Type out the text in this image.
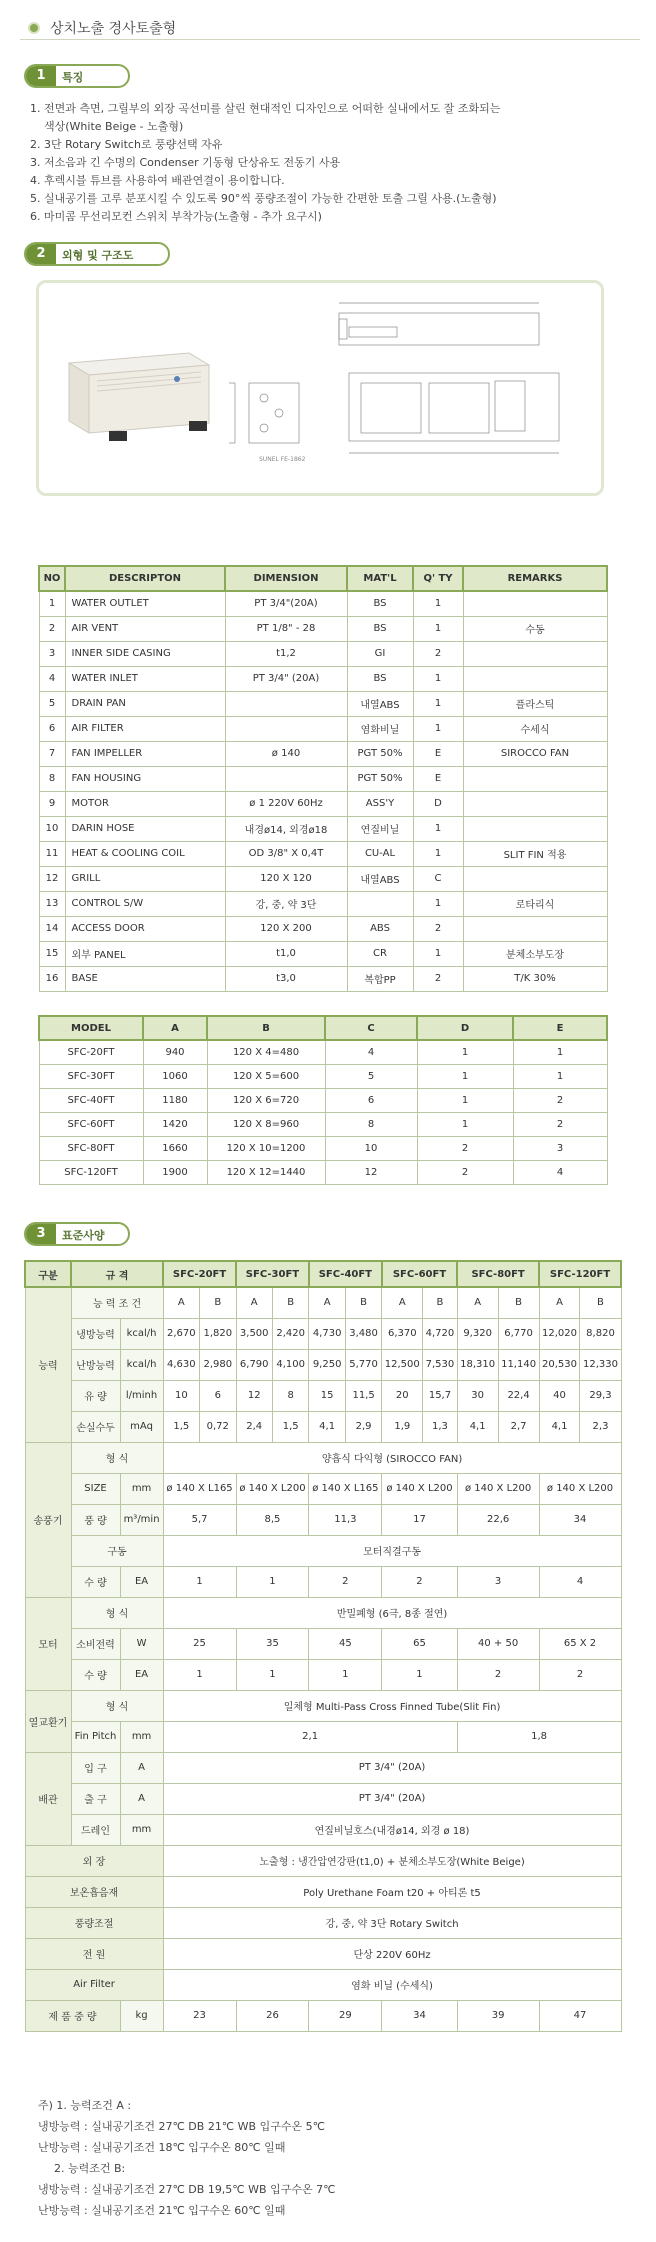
상치노출 경사토출형
1	특징
1. 전면과 측면, 그릴부의 외장 곡선미를 살린 현대적인 디자인으로 어떠한 실내에서도 잘 조화되는
색상(White Beige - 노출형)
2. 3단 Rotary Switch로 풍량선택 자유
3. 저소음과 긴 수명의 Condenser 기동형 단상유도 전동기 사용
4. 후렉시블 튜브를 사용하여 배관연결이 용이합니다.
5. 실내공기를 고루 분포시킬 수 있도록 90°씩 풍량조절이 가능한 간편한 토출 그릴 사용.(노출형)
6. 마미콤 무선리모컨 스위치 부착가능(노출형 - 추가 요구시)
2	외형 및 구조도
SUNEL FE-1862
NO	DESCRIPTON	DIMENSION	MAT'L	Q' TY	REMARKS
1	WATER OUTLET	PT 3/4"(20A)	BS	1	
2	AIR VENT	PT 1/8" - 28	BS	1	수동
3	INNER SIDE CASING	t1,2	GI	2	
4	WATER INLET	PT 3/4" (20A)	BS	1	
5	DRAIN PAN		내열ABS	1	플라스틱
6	AIR FILTER		염화비닐	1	수세식
7	FAN IMPELLER	ø 140	PGT 50%	E	SIROCCO FAN
8	FAN HOUSING		PGT 50%	E	
9	MOTOR	ø 1 220V 60Hz	ASS'Y	D	
10	DARIN HOSE	내경ø14, 외경ø18	연질비닐	1	
11	HEAT & COOLING COIL	OD 3/8" X 0,4T	CU-AL	1	SLIT FIN 적용
12	GRILL	120 X 120	내열ABS	C	
13	CONTROL S/W	강, 중, 약 3단		1	로타리식
14	ACCESS DOOR	120 X 200	ABS	2	
15	외부 PANEL	t1,0	CR	1	분체소부도장
16	BASE	t3,0	복합PP	2	T/K 30%
MODEL	A	B	C	D	E
SFC-20FT	940	120 X 4=480	4	1	1
SFC-30FT	1060	120 X 5=600	5	1	1
SFC-40FT	1180	120 X 6=720	6	1	2
SFC-60FT	1420	120 X 8=960	8	1	2
SFC-80FT	1660	120 X 10=1200	10	2	3
SFC-120FT	1900	120 X 12=1440	12	2	4
3	표준사양
구분	규 격		SFC-20FT		SFC-30FT		SFC-40FT		SFC-60FT		SFC-80FT		SFC-120FT	
능력	능 력 조 건		A	B	A	B	A	B	A	B	A	B	A	B
	냉방능력	kcal/h	2,670	1,820	3,500	2,420	4,730	3,480	6,370	4,720	9,320	6,770	12,020	8,820
	난방능력	kcal/h	4,630	2,980	6,790	4,100	9,250	5,770	12,500	7,530	18,310	11,140	20,530	12,330
	유 량	l/minh	10	6	12	8	15	11,5	20	15,7	30	22,4	40	29,3
	손실수두	mAq	1,5	0,72	2,4	1,5	4,1	2,9	1,9	1,3	4,1	2,7	4,1	2,3
송풍기	형 식		양흡식 다익형 (SIROCCO FAN)											
	SIZE	mm	ø 140 X L165		ø 140 X L200		ø 140 X L165		ø 140 X L200		ø 140 X L200		ø 140 X L200	
	풍 량	m³/min	5,7		8,5		11,3		17		22,6		34	
	구동		모터직결구동											
	수 량	EA	1		1		2		2		3		4	
모터	형 식		반밀폐형 (6극, 8종 절연)											
	소비전력	W	25		35		45		65		40 + 50		65 X 2	
	수 량	EA	1		1		1		1		2		2	
열교환기	형 식		일체형 Multi-Pass Cross Finned Tube(Slit Fin)											
	Fin Pitch	mm	2,1								1,8			
배관	입 구	A	PT 3/4" (20A)											
	출 구	A	PT 3/4" (20A)											
	드레인	mm	연질비닐호스(내경ø14, 외경 ø 18)											
외 장			노출형 : 냉간압연강판(t1,0) + 분체소부도장(White Beige)											
보온흡음재			Poly Urethane Foam t20 + 아티론 t5											
풍량조절			강, 중, 약 3단 Rotary Switch											
전 원			단상 220V 60Hz											
Air Filter			염화 비닐 (수세식)											
제 품 중 량		kg	23		26		29		34		39		47	
주) 1. 능력조건 A :
냉방능력 : 실내공기조건 27℃ DB 21℃ WB 입구수온 5℃
난방능력 : 실내공기조건 18℃ 입구수온 80℃ 일때
2. 능력조건 B:
냉방능력 : 실내공기조건 27℃ DB 19,5℃ WB 입구수온 7℃
난방능력 : 실내공기조건 21℃ 입구수온 60℃ 일때
